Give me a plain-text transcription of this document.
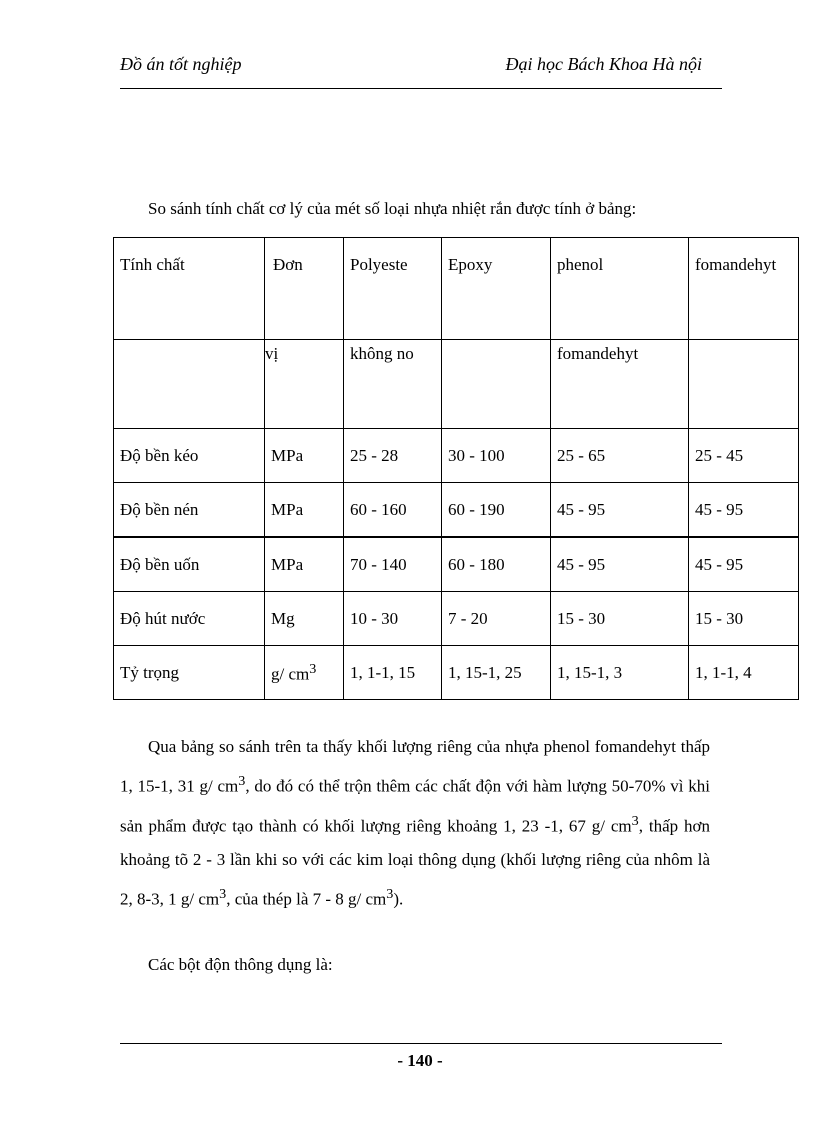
Đồ án tốt nghiệp	Đại học Bách Khoa Hà nội
So sánh tính chất cơ lý của mét số loại nhựa nhiệt rắn được tính ở bảng:
Tính chất	Đơn	Polyeste	Epoxy	phenol	fomandehyt
	vị	không no		fomandehyt	
Độ bền kéo	MPa	25 - 28	30 - 100	25 - 65	25 - 45
Độ bền nén	MPa	60 - 160	60 - 190	45 - 95	45 - 95
Độ bền uốn	MPa	70 - 140	60 - 180	45 - 95	45 - 95
Độ hút nước	Mg	10 - 30	7 - 20	15 - 30	15 - 30
Tỷ trọng	g/ $cm^3$	1, 1-1, 15	1, 15-1, 25	1, 15-1, 3	1, 1-1, 4

Qua bảng so sánh trên ta thấy khối lượng riêng của nhựa phenol fomandehyt thấp 1, 15-1, 31 g/ $cm^3$, do đó có thể trộn thêm các chất độn với hàm lượng 50-70% vì khi sản phẩm được tạo thành có khối lượng riêng khoảng 1, 23 -1, 67 g/ $cm^3$, thấp hơn khoảng tõ 2 - 3 lần khi so với các kim loại thông dụng (khối lượng riêng của nhôm là 2, 8-3, 1 g/ $cm^3$, của thép là 7 - 8 g/ $cm^3$).

Các bột độn thông dụng là:
- 140 -
